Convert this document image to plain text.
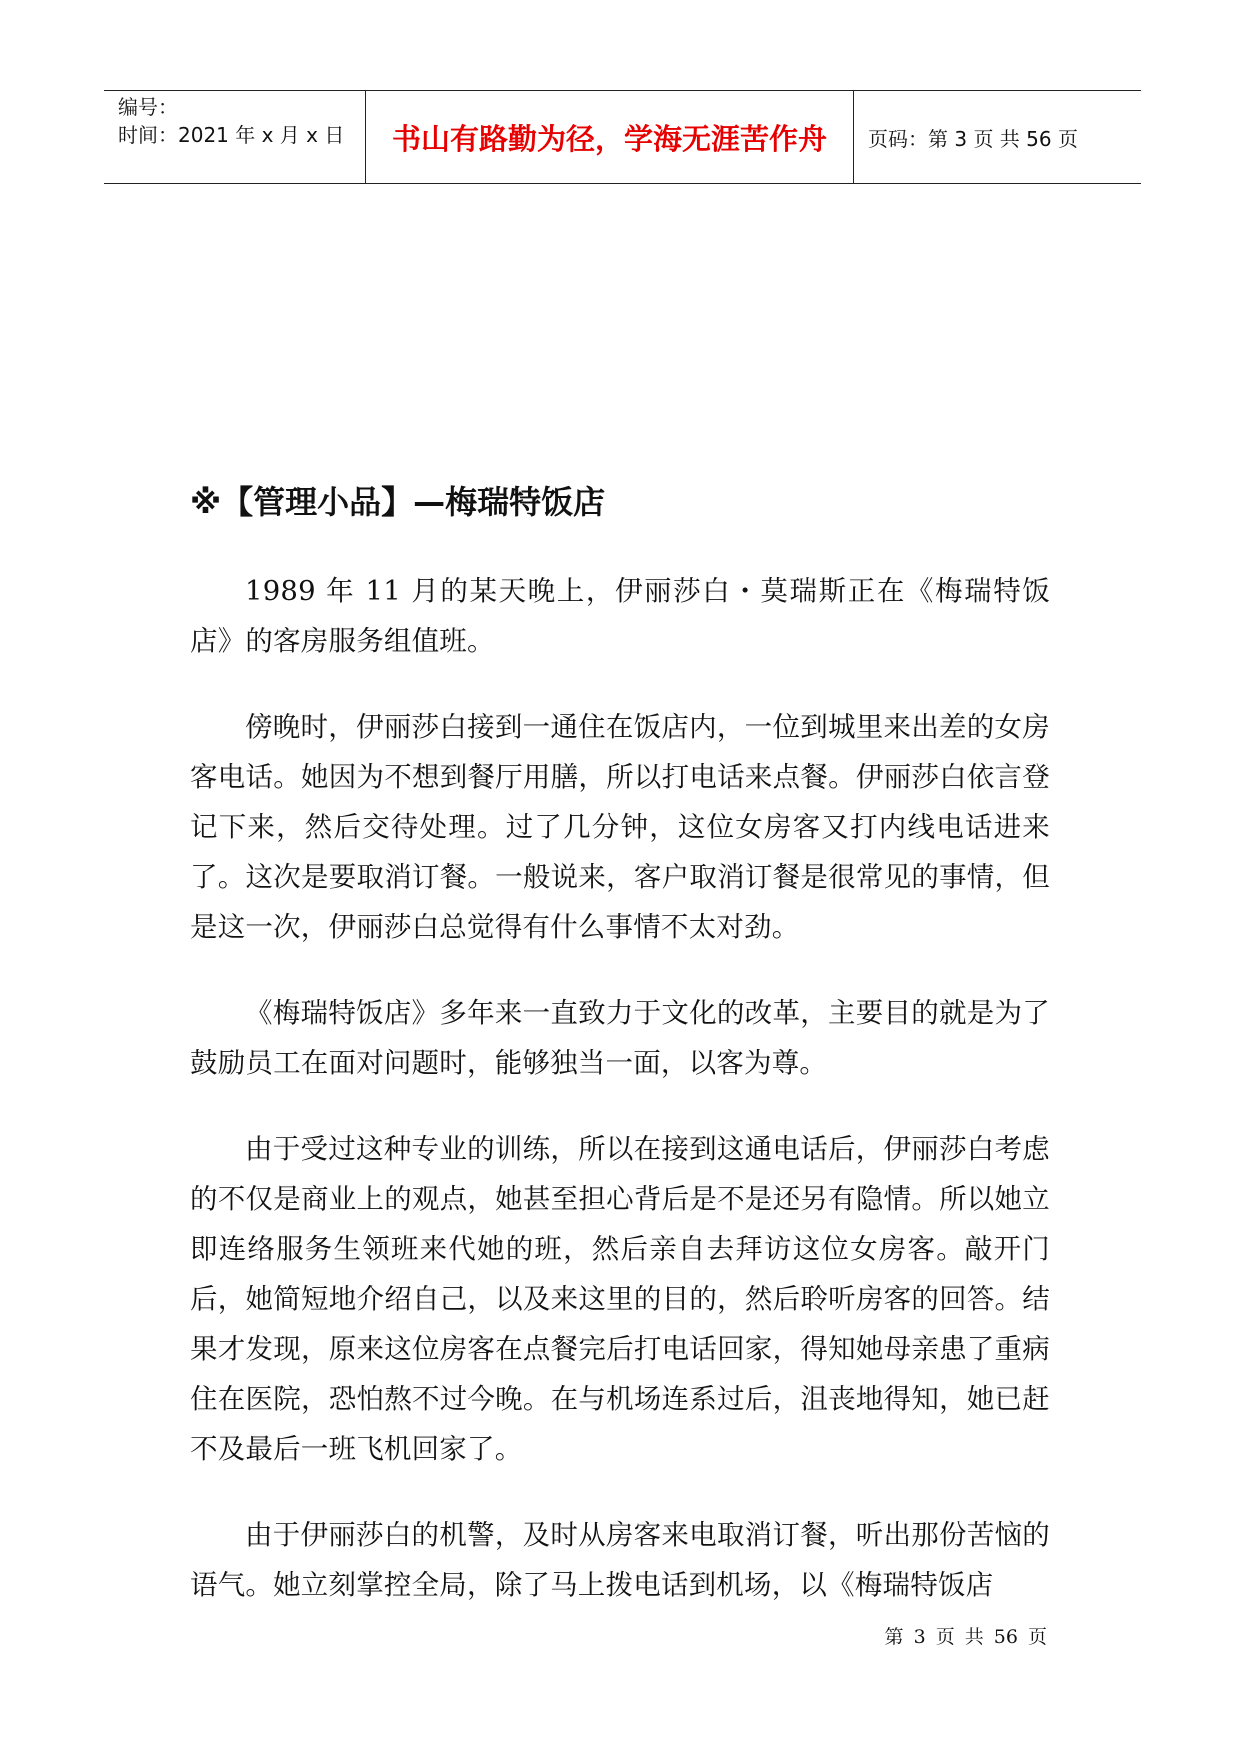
编号：
时间：2021 年 x 月 x 日	书山有路勤为径，学海无涯苦作舟	页码：第 3 页 共 56 页
※【管理小品】—梅瑞特饭店

1989 年 11 月的某天晚上，伊丽莎白・莫瑞斯正在《梅瑞特饭店》的客房服务组值班。

傍晚时，伊丽莎白接到一通住在饭店内，一位到城里来出差的女房客电话。她因为不想到餐厅用膳，所以打电话来点餐。伊丽莎白依言登记下来，然后交待处理。过了几分钟，这位女房客又打内线电话进来了。这次是要取消订餐。一般说来，客户取消订餐是很常见的事情，但是这一次，伊丽莎白总觉得有什么事情不太对劲。

《梅瑞特饭店》多年来一直致力于文化的改革，主要目的就是为了鼓励员工在面对问题时，能够独当一面，以客为尊。

由于受过这种专业的训练，所以在接到这通电话后，伊丽莎白考虑的不仅是商业上的观点，她甚至担心背后是不是还另有隐情。所以她立即连络服务生领班来代她的班，然后亲自去拜访这位女房客。敲开门后，她简短地介绍自己，以及来这里的目的，然后聆听房客的回答。结果才发现，原来这位房客在点餐完后打电话回家，得知她母亲患了重病住在医院，恐怕熬不过今晚。在与机场连系过后，沮丧地得知，她已赶不及最后一班飞机回家了。

由于伊丽莎白的机警，及时从房客来电取消订餐，听出那份苦恼的语气。她立刻掌控全局，除了马上拨电话到机场，以《梅瑞特饭店

第 3 页 共 56 页
